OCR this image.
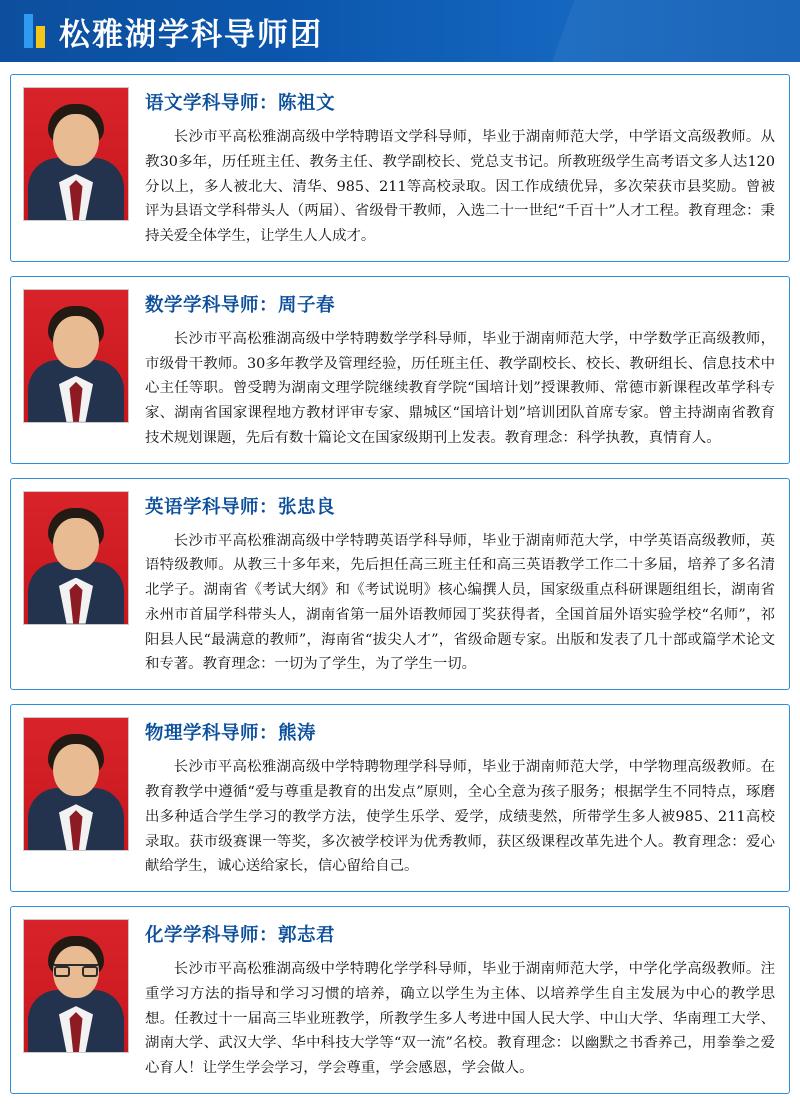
松雅湖学科导师团
语文学科导师：陈祖文
长沙市平高松雅湖高级中学特聘语文学科导师，毕业于湖南师范大学，中学语文高级教师。从教30多年，历任班主任、教务主任、教学副校长、党总支书记。所教班级学生高考语文多人达120分以上，多人被北大、清华、985、211等高校录取。因工作成绩优异，多次荣获市县奖励。曾被评为县语文学科带头人（两届）、省级骨干教师，入选二十一世纪“千百十”人才工程。教育理念：秉持关爱全体学生，让学生人人成才。
数学学科导师：周子春
长沙市平高松雅湖高级中学特聘数学学科导师，毕业于湖南师范大学，中学数学正高级教师，市级骨干教师。30多年教学及管理经验，历任班主任、教学副校长、校长、教研组长、信息技术中心主任等职。曾受聘为湖南文理学院继续教育学院“国培计划”授课教师、常德市新课程改革学科专家、湖南省国家课程地方教材评审专家、鼎城区“国培计划”培训团队首席专家。曾主持湖南省教育技术规划课题，先后有数十篇论文在国家级期刊上发表。教育理念：科学执教，真情育人。
英语学科导师：张忠良
长沙市平高松雅湖高级中学特聘英语学科导师，毕业于湖南师范大学，中学英语高级教师，英语特级教师。从教三十多年来，先后担任高三班主任和高三英语教学工作二十多届，培养了多名清北学子。湖南省《考试大纲》和《考试说明》核心编撰人员，国家级重点科研课题组组长，湖南省永州市首届学科带头人，湖南省第一届外语教师园丁奖获得者，全国首届外语实验学校“名师”，祁阳县人民“最满意的教师”，海南省“拔尖人才”，省级命题专家。出版和发表了几十部或篇学术论文和专著。教育理念：一切为了学生，为了学生一切。
物理学科导师：熊涛
长沙市平高松雅湖高级中学特聘物理学科导师，毕业于湖南师范大学，中学物理高级教师。在教育教学中遵循“爱与尊重是教育的出发点”原则，全心全意为孩子服务；根据学生不同特点，琢磨出多种适合学生学习的教学方法，使学生乐学、爱学，成绩斐然，所带学生多人被985、211高校录取。获市级赛课一等奖，多次被学校评为优秀教师，获区级课程改革先进个人。教育理念：爱心献给学生，诚心送给家长，信心留给自己。
化学学科导师：郭志君
长沙市平高松雅湖高级中学特聘化学学科导师，毕业于湖南师范大学，中学化学高级教师。注重学习方法的指导和学习习惯的培养，确立以学生为主体、以培养学生自主发展为中心的教学思想。任教过十一届高三毕业班教学，所教学生多人考进中国人民大学、中山大学、华南理工大学、湖南大学、武汉大学、华中科技大学等“双一流”名校。教育理念：以幽默之书香养己，用拳拳之爱心育人！让学生学会学习，学会尊重，学会感恩，学会做人。
